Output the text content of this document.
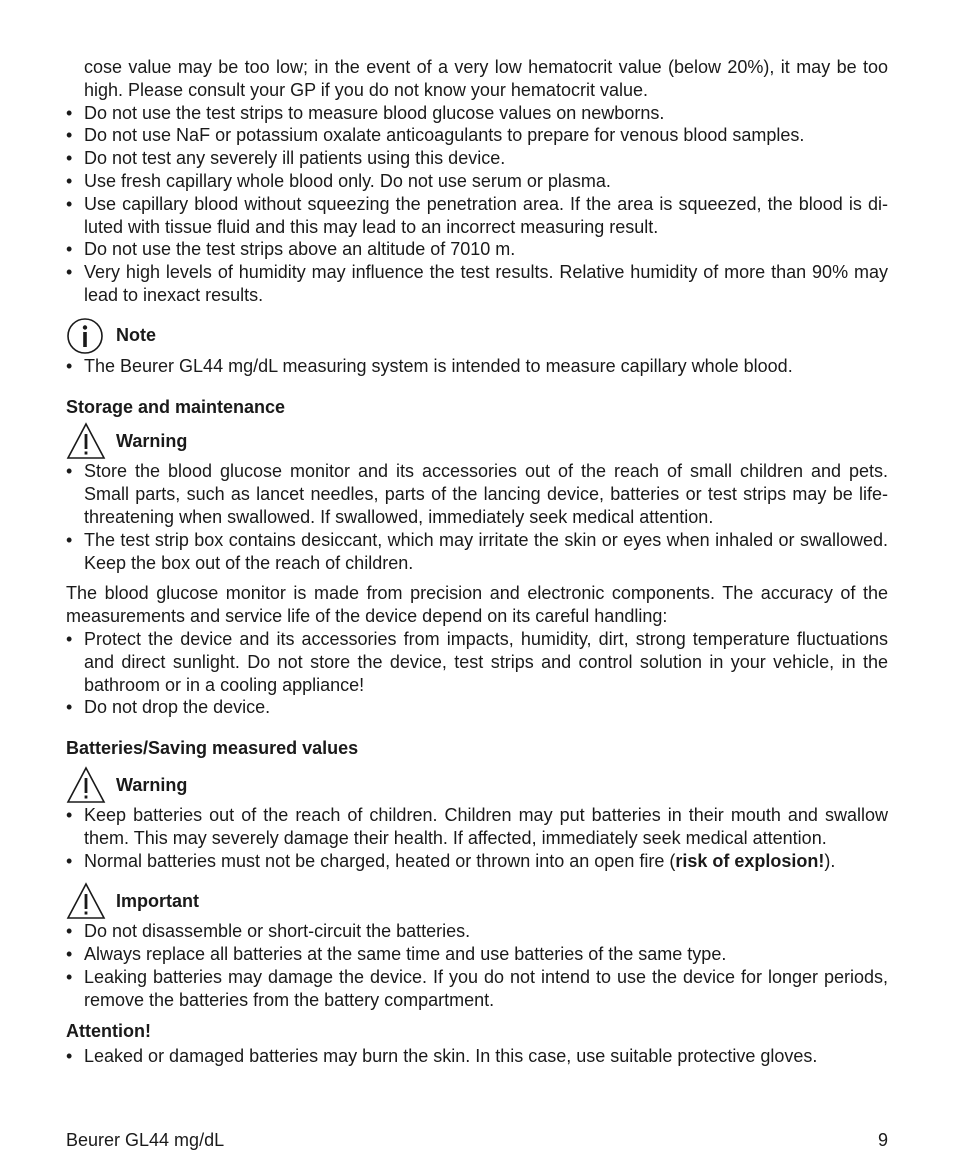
cose value may be too low; in the event of a very low hematocrit value (below 20%), it may be too high. Please consult your GP if you do not know your hematocrit value.

• Do not use the test strips to measure blood glucose values on newborns.
• Do not use NaF or potassium oxalate anticoagulants to prepare for venous blood samples.
• Do not test any severely ill patients using this device.
• Use fresh capillary whole blood only. Do not use serum or plasma.
• Use capillary blood without squeezing the penetration area. If the area is squeezed, the blood is di-luted with tissue fluid and this may lead to an incorrect measuring result.
• Do not use the test strips above an altitude of 7010 m.
• Very high levels of humidity may influence the test results. Relative humidity of more than 90% may lead to inexact results.
Note
• The Beurer GL44 mg/dL measuring system is intended to measure capillary whole blood.

Storage and maintenance

Warning
• Store the blood glucose monitor and its accessories out of the reach of small children and pets. Small parts, such as lancet needles, parts of the lancing device, batteries or test strips may be life-threatening when swallowed. If swallowed, immediately seek medical attention.
• The test strip box contains desiccant, which may irritate the skin or eyes when inhaled or swallowed. Keep the box out of the reach of children.

The blood glucose monitor is made from precision and electronic components. The accuracy of the measurements and service life of the device depend on its careful handling:

• Protect the device and its accessories from impacts, humidity, dirt, strong temperature fluctuations and direct sunlight. Do not store the device, test strips and control solution in your vehicle, in the bathroom or in a cooling appliance!
• Do not drop the device.

Batteries/Saving measured values

Warning
• Keep batteries out of the reach of children. Children may put batteries in their mouth and swallow them. This may severely damage their health. If affected, immediately seek medical attention.
• Normal batteries must not be charged, heated or thrown into an open fire (risk of explosion!).
Important
• Do not disassemble or short-circuit the batteries.
• Always replace all batteries at the same time and use batteries of the same type.
• Leaking batteries may damage the device. If you do not intend to use the device for longer periods, remove the batteries from the battery compartment.

Attention!

• Leaked or damaged batteries may burn the skin. In this case, use suitable protective gloves.
Beurer GL44 mg/dL	9
